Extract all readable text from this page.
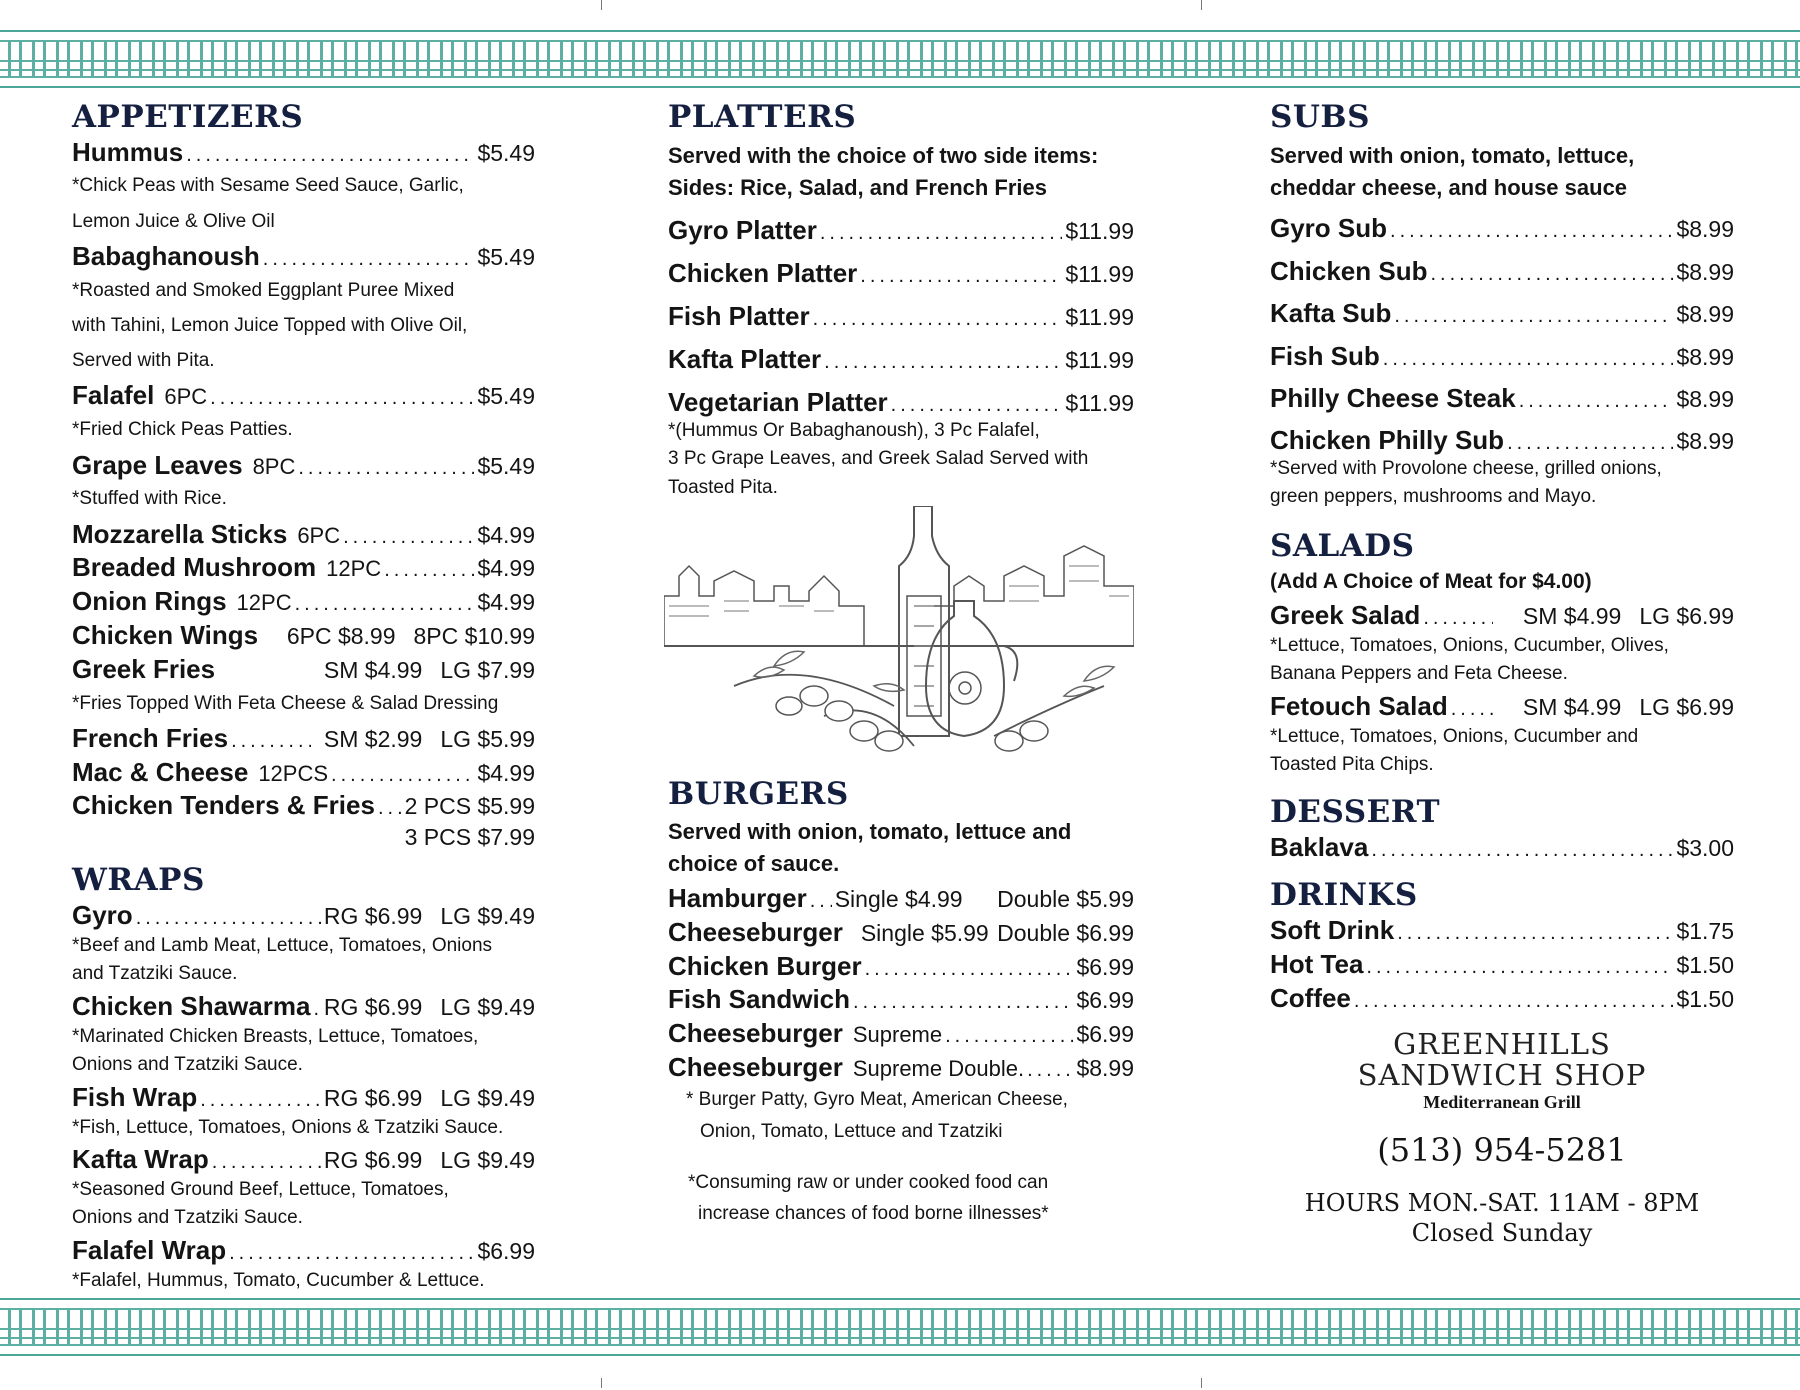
APPETIZERS
Hummus .....	$5.49
*Chick Peas with Sesame Seed Sauce, Garlic,
Lemon Juice & Olive Oil
Babaghanoush .....	$5.49
*Roasted and Smoked Eggplant Puree Mixed
with Tahini, Lemon Juice Topped with Olive Oil,
Served with Pita.
Falafel 6PC .....	$5.49
*Fried Chick Peas Patties.
Grape Leaves 8PC .....	$5.49
*Stuffed with Rice.
Mozzarella Sticks 6PC .....	$4.99
Breaded Mushroom 12PC .....	$4.99
Onion Rings 12PC .....	$4.99
Chicken Wings 6PC $8.99 8PC $10.99
Greek Fries	SM $4.99 LG $7.99
*Fries Topped With Feta Cheese & Salad Dressing
French Fries .....	SM $2.99 LG $5.99
Mac & Cheese 12PCS .....	$4.99
Chicken Tenders & Fries ..... 2 PCS $5.99
3 PCS $7.99
WRAPS
Gyro .....	RG $6.99 LG $9.49
*Beef and Lamb Meat, Lettuce, Tomatoes, Onions
and Tzatziki Sauce.
Chicken Shawarma ..... RG $6.99 LG $9.49
*Marinated Chicken Breasts, Lettuce, Tomatoes,
Onions and Tzatziki Sauce.
Fish Wrap .....	RG $6.99 LG $9.49
*Fish, Lettuce, Tomatoes, Onions & Tzatziki Sauce.
Kafta Wrap .....	RG $6.99 LG $9.49
*Seasoned Ground Beef, Lettuce, Tomatoes,
Onions and Tzatziki Sauce.
Falafel Wrap .....	$6.99
*Falafel, Hummus, Tomato, Cucumber & Lettuce.
PLATTERS
Served with the choice of two side items:
Sides: Rice, Salad, and French Fries
Gyro Platter .....	$11.99
Chicken Platter .....	$11.99
Fish Platter .....	$11.99
Kafta Platter .....	$11.99
Vegetarian Platter .....	$11.99
*(Hummus Or Babaghanoush), 3 Pc Falafel,
3 Pc Grape Leaves, and Greek Salad Served with
Toasted Pita.
BURGERS
Served with onion, tomato, lettuce and
choice of sauce.
Hamburger ..... Single $4.99 Double $5.99
Cheeseburger Single $5.99 Double $6.99
Chicken Burger .....	$6.99
Fish Sandwich .....	$6.99
Cheeseburger Supreme .....	$6.99
Cheeseburger Supreme Double. ..... $8.99
* Burger Patty, Gyro Meat, American Cheese,
Onion, Tomato, Lettuce and Tzatziki
*Consuming raw or under cooked food can
increase chances of food borne illnesses*
SUBS
Served with onion, tomato, lettuce,
cheddar cheese, and house sauce
Gyro Sub .....	$8.99
Chicken Sub .....	$8.99
Kafta Sub .....	$8.99
Fish Sub .....	$8.99
Philly Cheese Steak .....	$8.99
Chicken Philly Sub .....	$8.99
*Served with Provolone cheese, grilled onions,
green peppers, mushrooms and Mayo.
SALADS
(Add A Choice of Meat for $4.00)
Greek Salad .....	SM $4.99 LG $6.99
*Lettuce, Tomatoes, Onions, Cucumber, Olives,
Banana Peppers and Feta Cheese.
Fetouch Salad .....	SM $4.99 LG $6.99
*Lettuce, Tomatoes, Onions, Cucumber and
Toasted Pita Chips.
DESSERT
Baklava .....	$3.00
DRINKS
Soft Drink .....	$1.75
Hot Tea .....	$1.50
Coffee .....	$1.50
GREENHILLS
SANDWICH SHOP
Mediterranean Grill
(513) 954-5281
HOURS MON.-SAT. 11AM - 8PM
Closed Sunday
